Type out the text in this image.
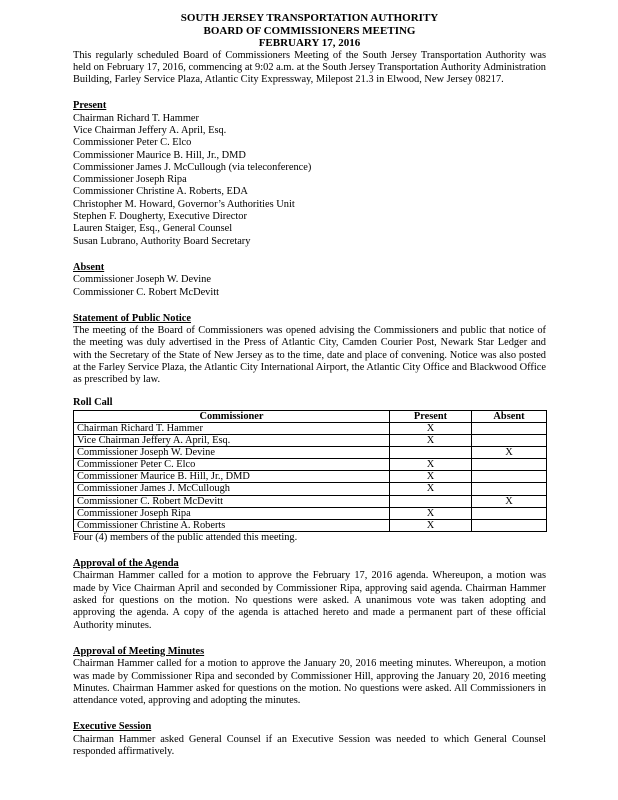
SOUTH JERSEY TRANSPORTATION AUTHORITY
BOARD OF COMMISSIONERS MEETING
FEBRUARY 17, 2016

This regularly scheduled Board of Commissioners Meeting of the South Jersey Transportation Authority was held on February 17, 2016, commencing at 9:02 a.m. at the South Jersey Transportation Authority Administration Building, Farley Service Plaza, Atlantic City Expressway, Milepost 21.3 in Elwood, New Jersey 08217.

Present
Chairman Richard T. Hammer
Vice Chairman Jeffery A. April, Esq.
Commissioner Peter C. Elco
Commissioner Maurice B. Hill, Jr., DMD
Commissioner James J. McCullough (via teleconference)
Commissioner Joseph Ripa
Commissioner Christine A. Roberts, EDA
Christopher M. Howard, Governor’s Authorities Unit
Stephen F. Dougherty, Executive Director
Lauren Staiger, Esq., General Counsel
Susan Lubrano, Authority Board Secretary
Absent
Commissioner Joseph W. Devine
Commissioner C. Robert McDevitt
Statement of Public Notice

The meeting of the Board of Commissioners was opened advising the Commissioners and public that notice of the meeting was duly advertised in the Press of Atlantic City, Camden Courier Post, Newark Star Ledger and with the Secretary of the State of New Jersey as to the time, date and place of convening. Notice was also posted at the Farley Service Plaza, the Atlantic City International Airport, the Atlantic City Office and Blackwood Office as prescribed by law.

Roll Call
Commissioner	Present	Absent
Chairman Richard T. Hammer	X	
Vice Chairman Jeffery A. April, Esq.	X	
Commissioner Joseph W. Devine		X
Commissioner Peter C. Elco	X	
Commissioner Maurice B. Hill, Jr., DMD	X	
Commissioner James J. McCullough	X	
Commissioner C. Robert McDevitt		X
Commissioner Joseph Ripa	X	
Commissioner Christine A. Roberts	X	
Four (4) members of the public attended this meeting.
Approval of the Agenda

Chairman Hammer called for a motion to approve the February 17, 2016 agenda. Whereupon, a motion was made by Vice Chairman April and seconded by Commissioner Ripa, approving said agenda. Chairman Hammer asked for questions on the motion. No questions were asked. A unanimous vote was taken adopting and approving the agenda. A copy of the agenda is attached hereto and made a permanent part of these official Authority minutes.

Approval of Meeting Minutes

Chairman Hammer called for a motion to approve the January 20, 2016 meeting minutes. Whereupon, a motion was made by Commissioner Ripa and seconded by Commissioner Hill, approving the January 20, 2016 meeting Minutes. Chairman Hammer asked for questions on the motion. No questions were asked. All Commissioners in attendance voted, approving and adopting the minutes.

Executive Session

Chairman Hammer asked General Counsel if an Executive Session was needed to which General Counsel responded affirmatively.
